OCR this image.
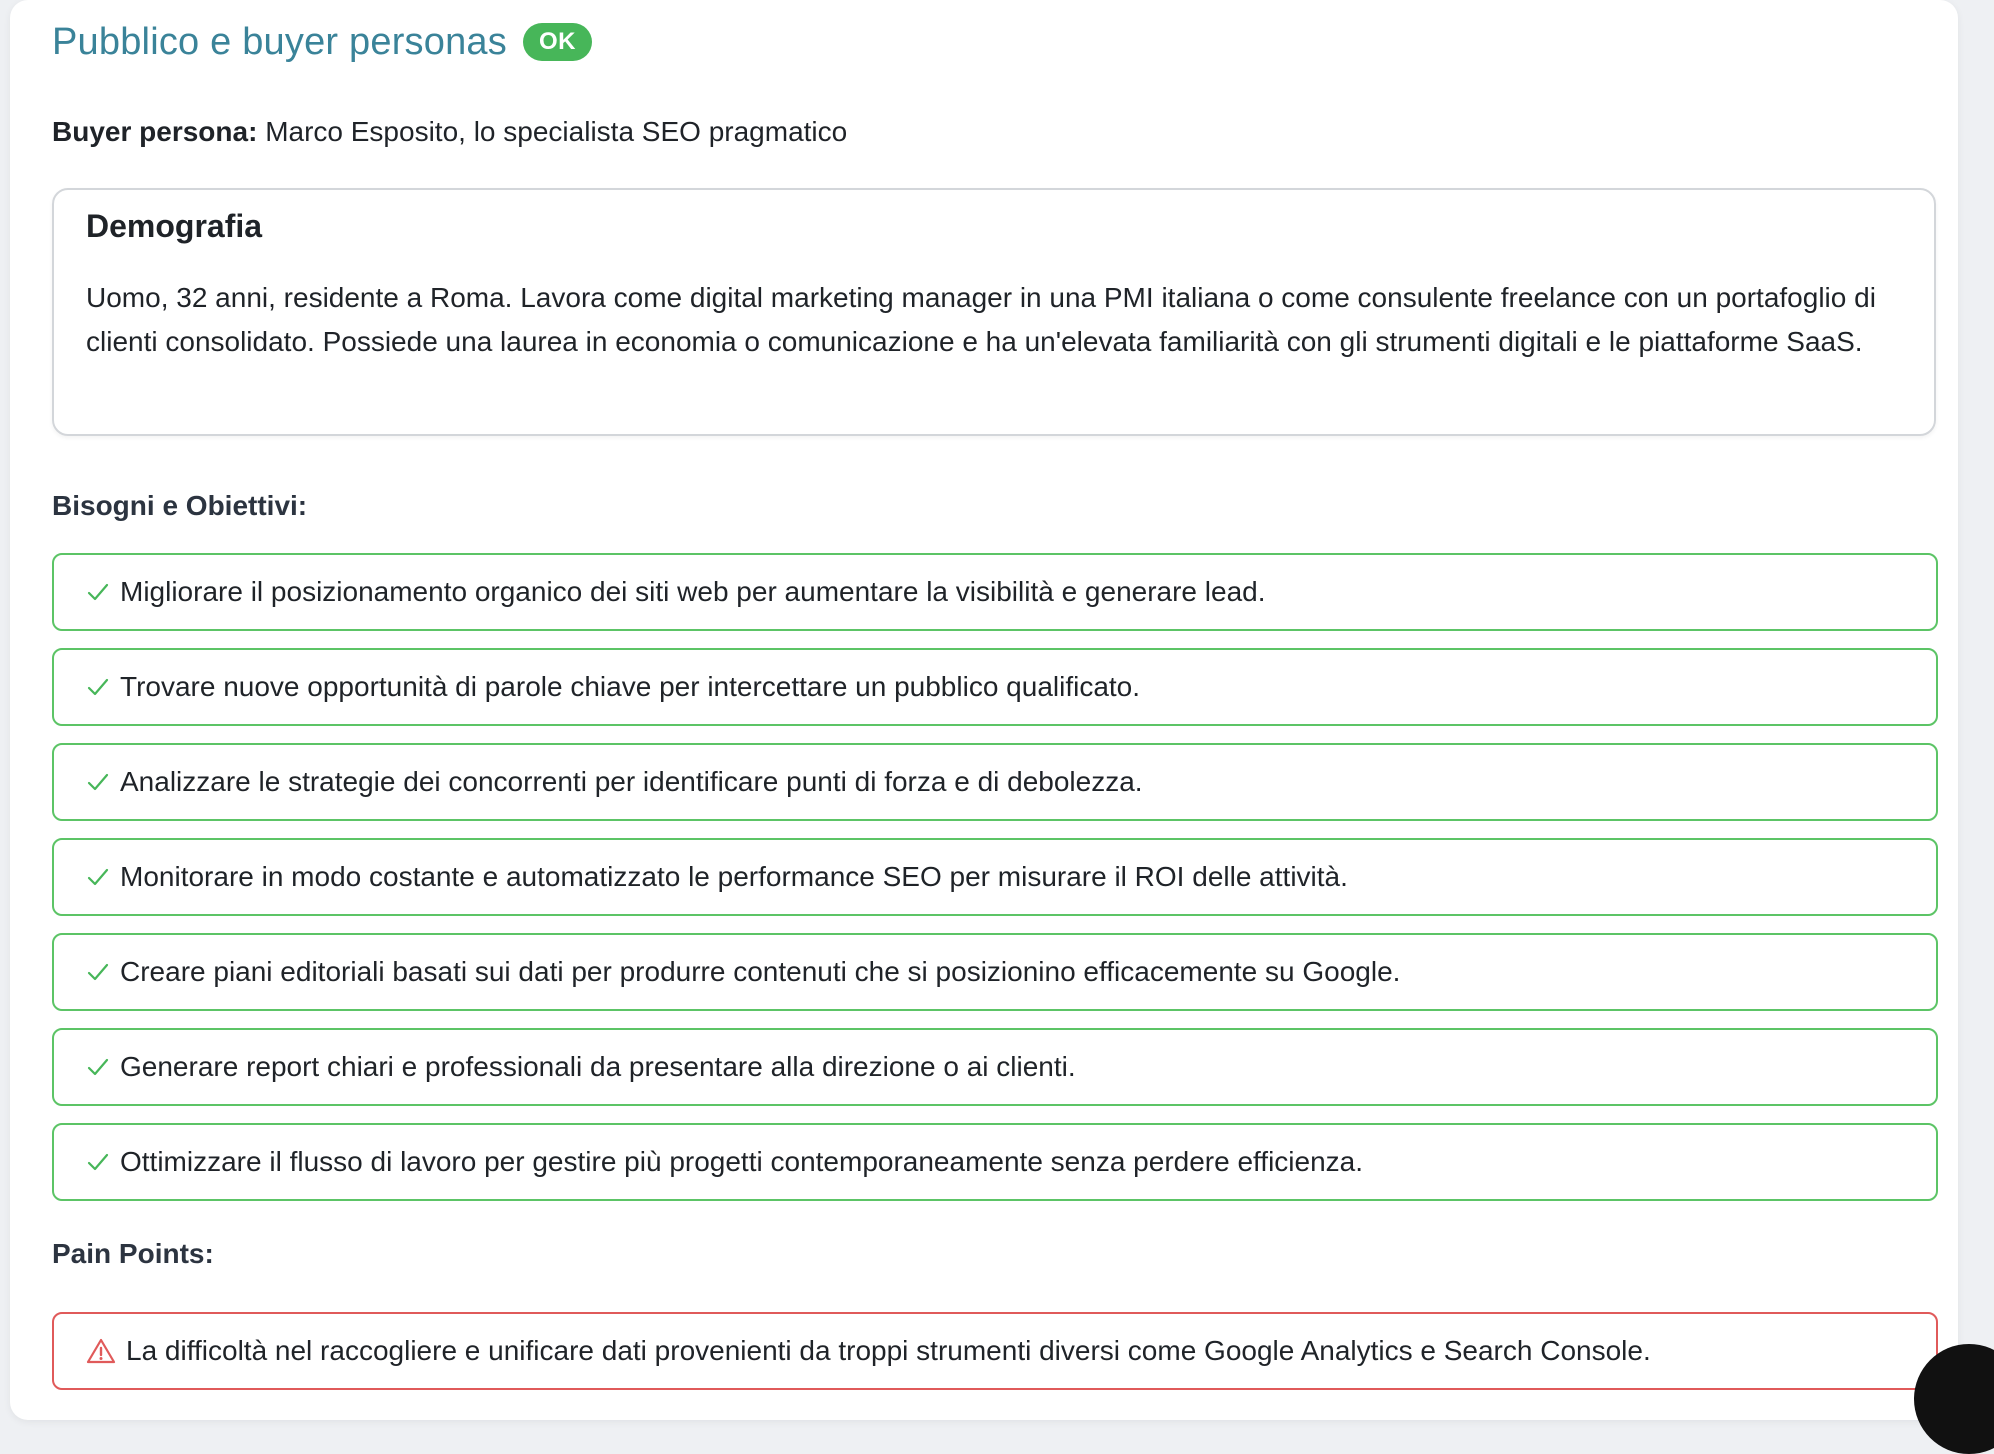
Pubblico e buyer personas	OK
Buyer persona: Marco Esposito, lo specialista SEO pragmatico
Demografia
Uomo, 32 anni, residente a Roma. Lavora come digital marketing manager in una PMI italiana o come consulente freelance con un portafoglio di clienti consolidato. Possiede una laurea in economia o comunicazione e ha un'elevata familiarità con gli strumenti digitali e le piattaforme SaaS.
Bisogni e Obiettivi:
Migliorare il posizionamento organico dei siti web per aumentare la visibilità e generare lead.
Trovare nuove opportunità di parole chiave per intercettare un pubblico qualificato.
Analizzare le strategie dei concorrenti per identificare punti di forza e di debolezza.
Monitorare in modo costante e automatizzato le performance SEO per misurare il ROI delle attività.
Creare piani editoriali basati sui dati per produrre contenuti che si posizionino efficacemente su Google.
Generare report chiari e professionali da presentare alla direzione o ai clienti.
Ottimizzare il flusso di lavoro per gestire più progetti contemporaneamente senza perdere efficienza.
Pain Points:
La difficoltà nel raccogliere e unificare dati provenienti da troppi strumenti diversi come Google Analytics e Search Console.
